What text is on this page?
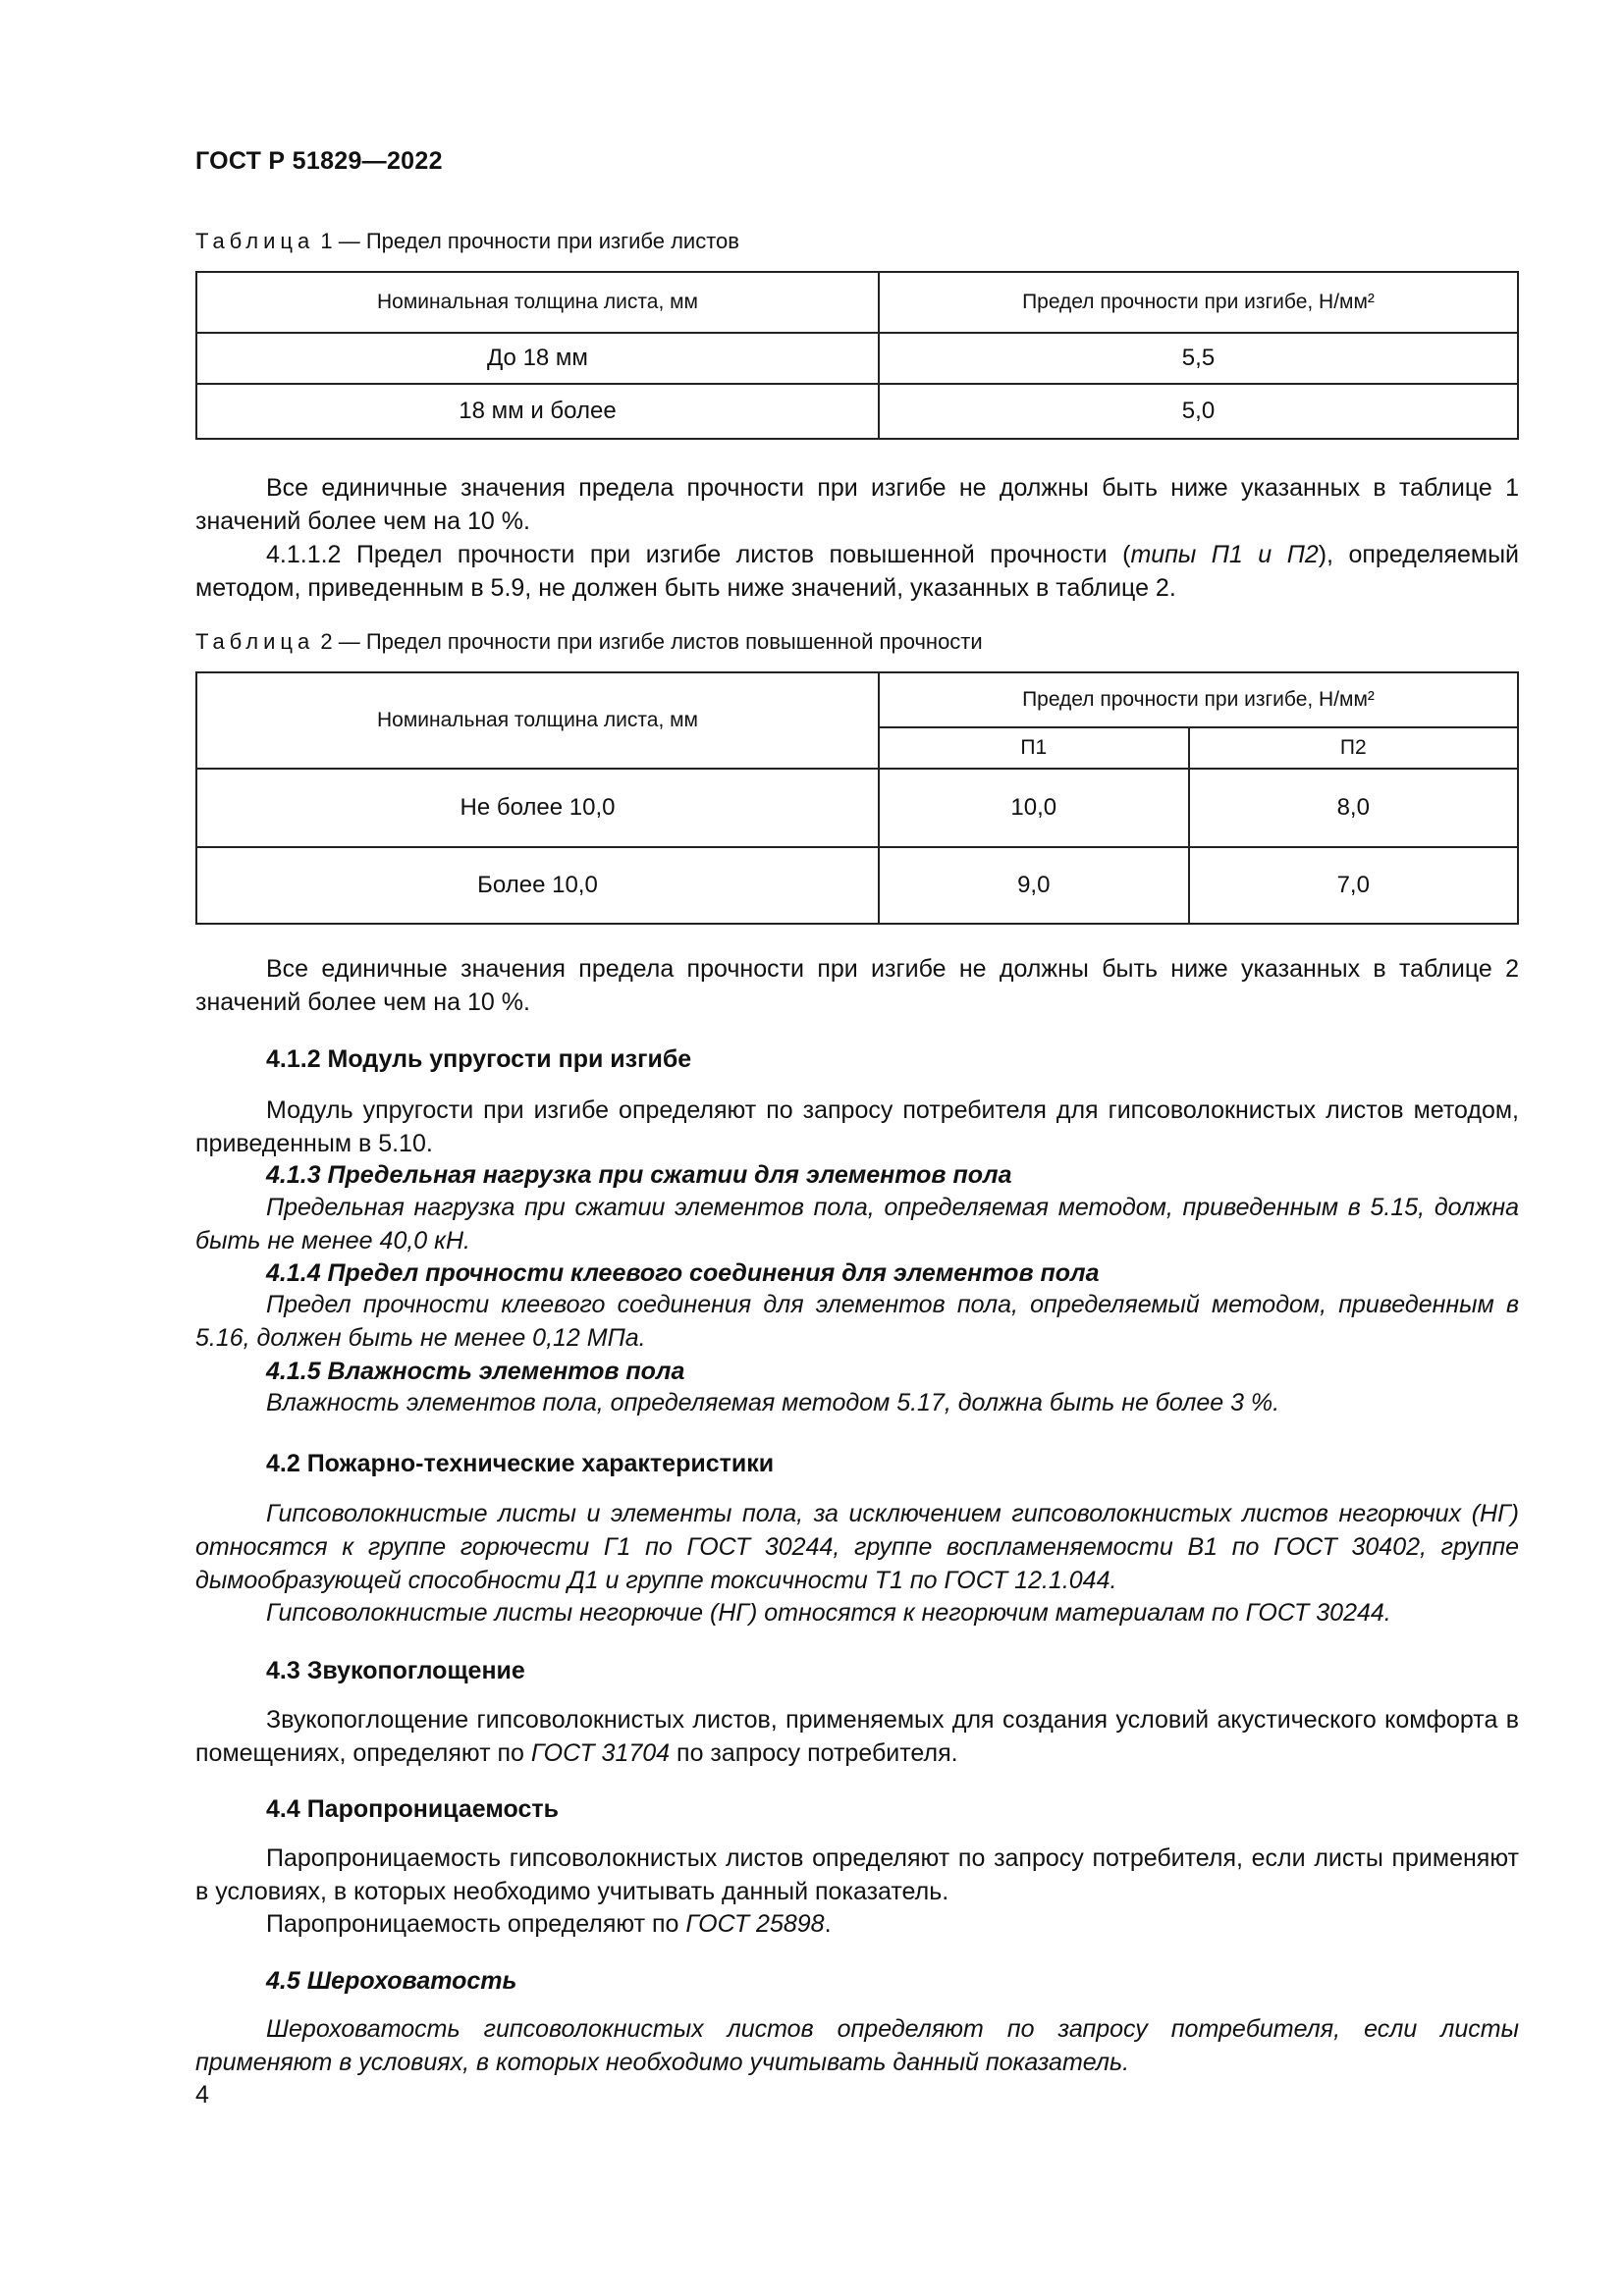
ГОСТ Р 51829—2022
Таблица 1 — Предел прочности при изгибе листов
Номинальная толщина листа, мм	Предел прочности при изгибе, Н/мм²
До 18 мм	5,5
18 мм и более	5,0
Все единичные значения предела прочности при изгибе не должны быть ниже указанных в таблице 1 значений более чем на 10 %.
4.1.1.2 Предел прочности при изгибе листов повышенной прочности (типы П1 и П2), определяемый методом, приведенным в 5.9, не должен быть ниже значений, указанных в таблице 2.
Таблица 2 — Предел прочности при изгибе листов повышенной прочности
Номинальная толщина листа, мм	Предел прочности при изгибе, Н/мм²	
	П1	П2
Не более 10,0	10,0	8,0
Более 10,0	9,0	7,0
Все единичные значения предела прочности при изгибе не должны быть ниже указанных в таблице 2 значений более чем на 10 %.
4.1.2 Модуль упругости при изгибе
Модуль упругости при изгибе определяют по запросу потребителя для гипсоволокнистых листов методом, приведенным в 5.10.
4.1.3 Предельная нагрузка при сжатии для элементов пола
Предельная нагрузка при сжатии элементов пола, определяемая методом, приведенным в 5.15, должна быть не менее 40,0 кН.
4.1.4 Предел прочности клеевого соединения для элементов пола
Предел прочности клеевого соединения для элементов пола, определяемый методом, приведенным в 5.16, должен быть не менее 0,12 МПа.
4.1.5 Влажность элементов пола
Влажность элементов пола, определяемая методом 5.17, должна быть не более 3 %.
4.2 Пожарно-технические характеристики
Гипсоволокнистые листы и элементы пола, за исключением гипсоволокнистых листов негорючих (НГ) относятся к группе горючести Г1 по ГОСТ 30244, группе воспламеняемости В1 по ГОСТ 30402, группе дымообразующей способности Д1 и группе токсичности Т1 по ГОСТ 12.1.044.
Гипсоволокнистые листы негорючие (НГ) относятся к негорючим материалам по ГОСТ 30244.
4.3 Звукопоглощение
Звукопоглощение гипсоволокнистых листов, применяемых для создания условий акустического комфорта в помещениях, определяют по ГОСТ 31704 по запросу потребителя.
4.4 Паропроницаемость
Паропроницаемость гипсоволокнистых листов определяют по запросу потребителя, если листы применяют в условиях, в которых необходимо учитывать данный показатель.
Паропроницаемость определяют по ГОСТ 25898.
4.5 Шероховатость
Шероховатость гипсоволокнистых листов определяют по запросу потребителя, если листы применяют в условиях, в которых необходимо учитывать данный показатель.
4
